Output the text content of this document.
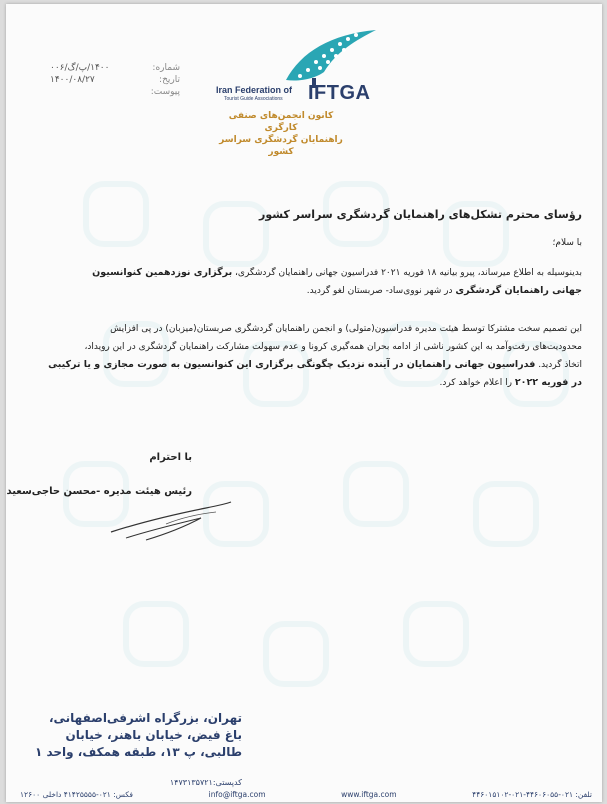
شماره:
۱۴۰۰/پ/گ/۰۰۶
تاریخ:
۱۴۰۰/۰۸/۲۷
پیوست:	Iran Federation of
Tourist Guide Associations IFTGA
کانون انجمن‌های صنفی کارگری
راهنمایان گردشگری سراسر کشور
رؤسای محترم تشکل‌های راهنمایان گردشگری سراسر کشور
با سلام؛
بدینوسیله به اطلاع میرساند، پیرو بیانیه ۱۸ فوریه ۲۰۲۱ فدراسیون جهانی راهنمایان گردشگری، برگزاری نوزدهمین کنوانسیون
جهانی راهنمایان گردشگری در شهر نووی‌ساد- صربستان لغو گردید.
این تصمیم سخت مشترکا توسط هیئت مدیره فدراسیون(متولی) و انجمن راهنمایان گردشگری صربستان(میزبان) در پی افزایش
محدودیت‌های رفت‌وآمد به این کشور ناشی از ادامه بحران همه‌گیری کرونا و عدم سهولت مشارکت راهنمایان گردشگری در این رویداد،
اتخاذ گردید. فدراسیون جهانی راهنمایان در آینده نزدیک چگونگی برگزاری این کنوانسیون به صورت مجازی و یا ترکیبی
در فوریه ۲۰۲۲ را اعلام خواهد کرد.
با احترام
رئیس هیئت مدیره -محسن حاجی‌سعید
تهران، بزرگراه اشرفی‌اصفهانی،
باغ فیض، خیابان باهنر، خیابان
طالبی، پ ۱۳، طبقه همکف، واحد ۱
کدپستی:۱۴۷۳۱۳۵۷۲۱
تلفن: ۰۲۱-۴۴۶۰۶۰۵۵-۰۲۱-۴۴۶۰۱۵۱۰۲
www.iftga.com
info@iftga.com
فکس: ۰۲۱-۴۱۴۲۵۵۵۵ داخلی ۱۲۶۰۰
